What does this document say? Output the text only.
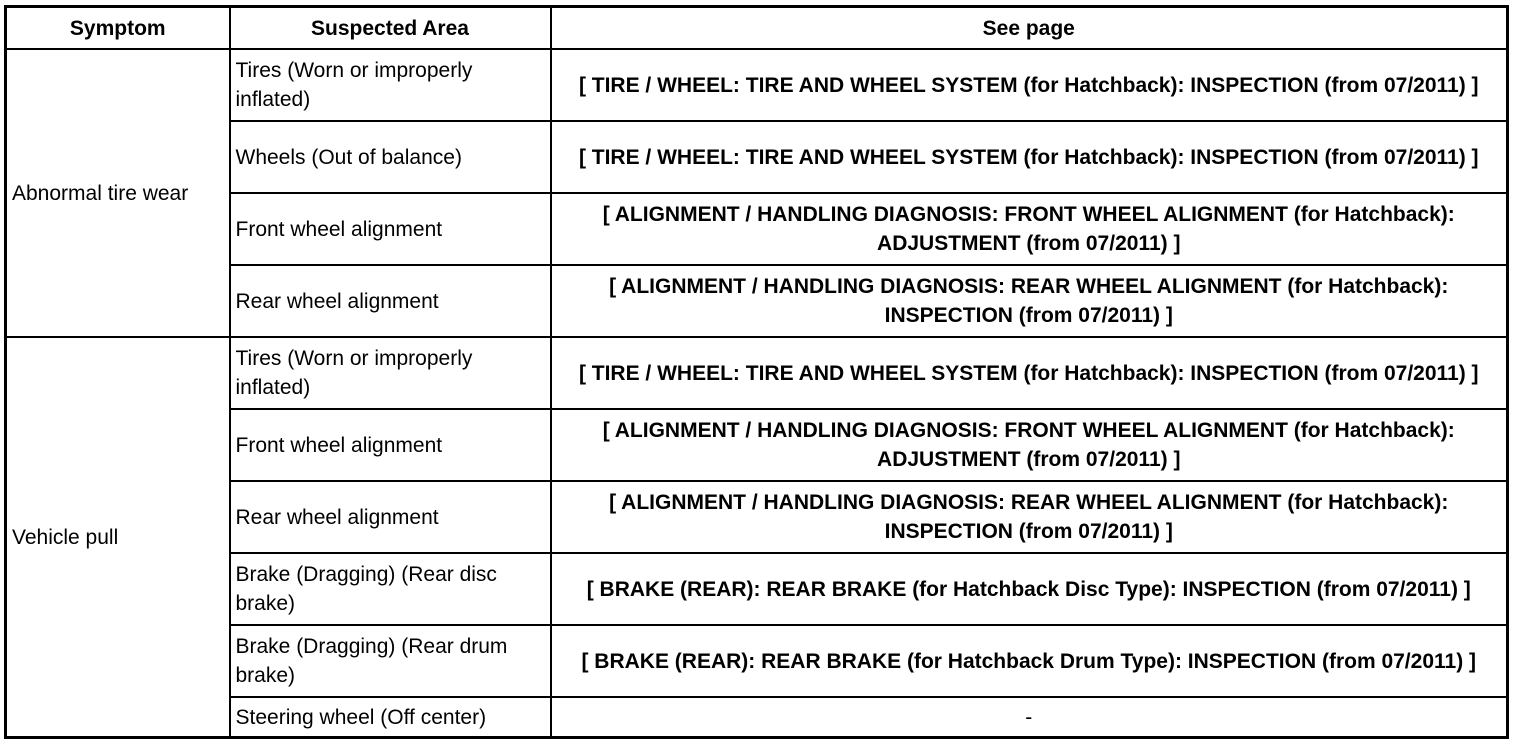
Symptom	Suspected Area	See page
Abnormal tire wear	Tires (Worn or improperly inflated)	[ TIRE / WHEEL: TIRE AND WHEEL SYSTEM (for Hatchback): INSPECTION (from 07/2011) ]
	Wheels (Out of balance)	[ TIRE / WHEEL: TIRE AND WHEEL SYSTEM (for Hatchback): INSPECTION (from 07/2011) ]
	Front wheel alignment	[ ALIGNMENT / HANDLING DIAGNOSIS: FRONT WHEEL ALIGNMENT (for Hatchback): ADJUSTMENT (from 07/2011) ]
	Rear wheel alignment	[ ALIGNMENT / HANDLING DIAGNOSIS: REAR WHEEL ALIGNMENT (for Hatchback): INSPECTION (from 07/2011) ]
Vehicle pull	Tires (Worn or improperly inflated)	[ TIRE / WHEEL: TIRE AND WHEEL SYSTEM (for Hatchback): INSPECTION (from 07/2011) ]
	Front wheel alignment	[ ALIGNMENT / HANDLING DIAGNOSIS: FRONT WHEEL ALIGNMENT (for Hatchback): ADJUSTMENT (from 07/2011) ]
	Rear wheel alignment	[ ALIGNMENT / HANDLING DIAGNOSIS: REAR WHEEL ALIGNMENT (for Hatchback): INSPECTION (from 07/2011) ]
	Brake (Dragging) (Rear disc brake)	[ BRAKE (REAR): REAR BRAKE (for Hatchback Disc Type): INSPECTION (from 07/2011) ]
	Brake (Dragging) (Rear drum brake)	[ BRAKE (REAR): REAR BRAKE (for Hatchback Drum Type): INSPECTION (from 07/2011) ]
	Steering wheel (Off center)	-
